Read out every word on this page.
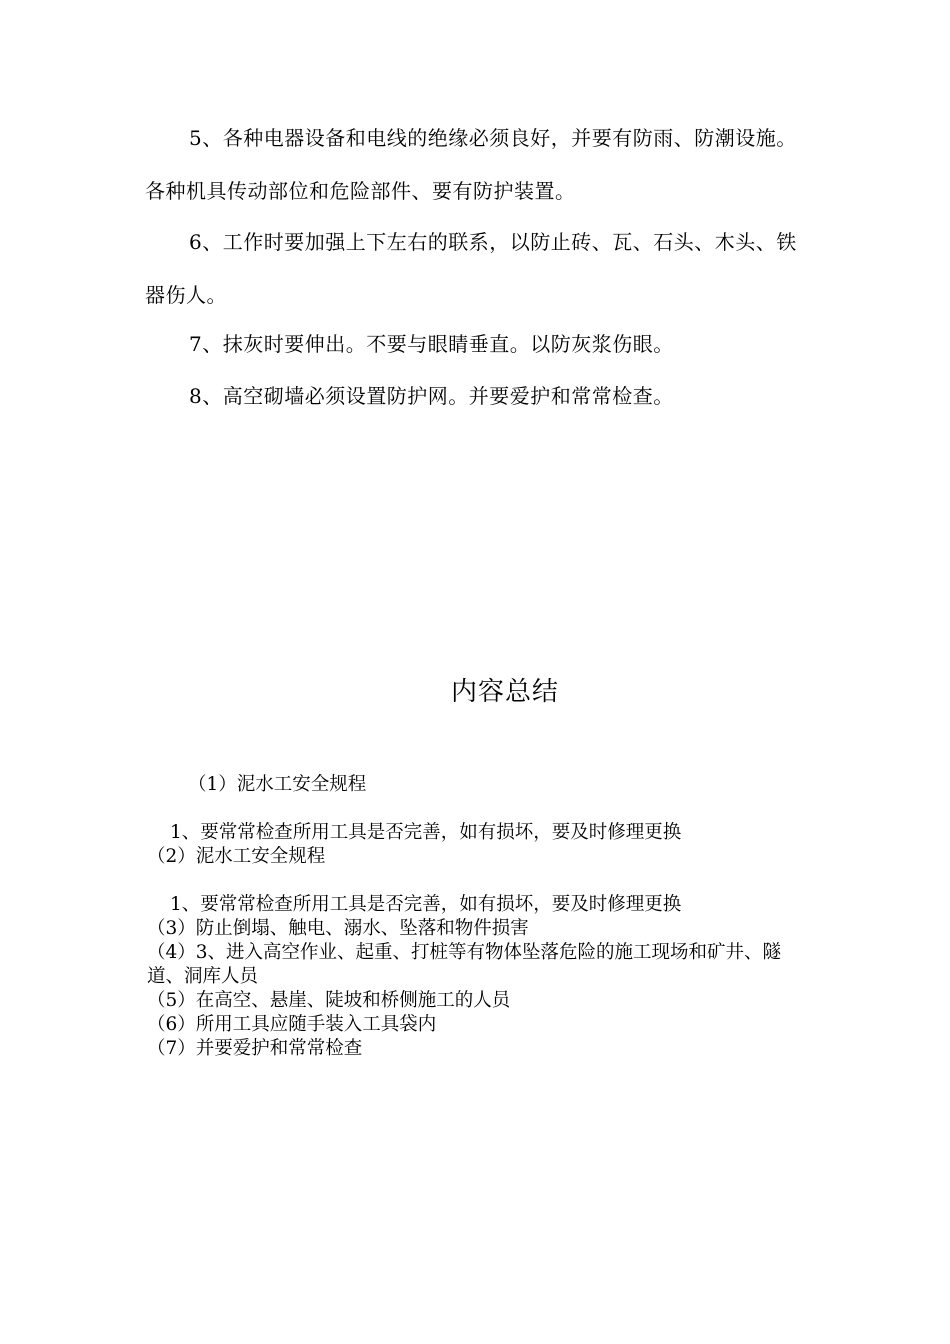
5、各种电器设备和电线的绝缘必须良好，并要有防雨、防潮设施。各种机具传动部位和危险部件、要有防护装置。

6、工作时要加强上下左右的联系，以防止砖、瓦、石头、木头、铁器伤人。

7、抹灰时要伸出。不要与眼睛垂直。以防灰浆伤眼。

8、高空砌墙必须设置防护网。并要爱护和常常检查。

内容总结

（1）泥水工安全规程

1、要常常检查所用工具是否完善，如有损坏，要及时修理更换

（2）泥水工安全规程

1、要常常检查所用工具是否完善，如有损坏，要及时修理更换

（3）防止倒塌、触电、溺水、坠落和物件损害

（4）3、进入高空作业、起重、打桩等有物体坠落危险的施工现场和矿井、隧道、洞库人员

（5）在高空、悬崖、陡坡和桥侧施工的人员

（6）所用工具应随手装入工具袋内

（7）并要爱护和常常检查
